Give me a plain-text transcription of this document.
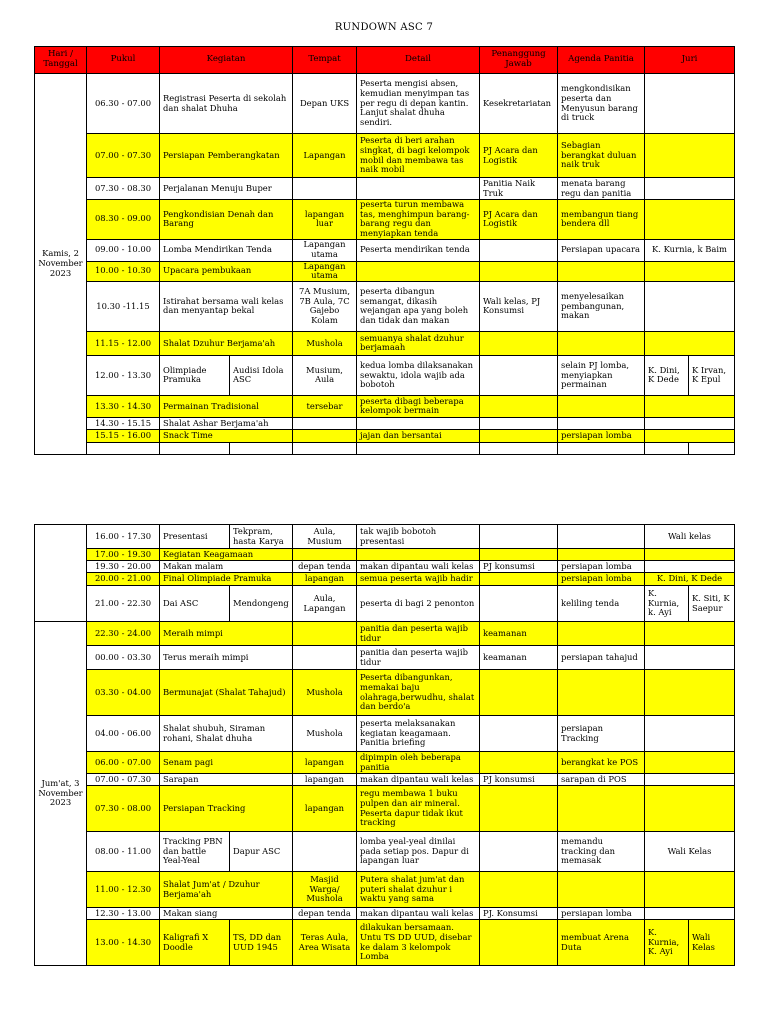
RUNDOWN ASC 7
Hari / Tanggal	Pukul	Kegiatan		Tempat	Detail	Penanggung Jawab	Agenda Panitia	Juri	
Kamis, 2 November 2023	06.30 - 07.00	Registrasi Peserta di sekolah dan shalat Dhuha		Depan UKS	Peserta mengisi absen, kemudian menyimpan tas per regu di depan kantin. Lanjut shalat dhuha sendiri.	Kesekretariatan	mengkondisikan peserta dan Menyusun barang di truck		
	07.00 - 07.30	Persiapan Pemberangkatan		Lapangan	Peserta di beri arahan singkat, di bagi kelompok mobil dan membawa tas naik mobil	PJ Acara dan Logistik	Sebagian berangkat duluan naik truk		
	07.30 - 08.30	Perjalanan Menuju Buper				Panitia Naik Truk	menata barang regu dan panitia		
	08.30 - 09.00	Pengkondisian Denah dan Barang		lapangan luar	peserta turun membawa tas, menghimpun barang-barang regu dan menyiapkan tenda	PJ Acara dan Logistik	membangun tiang bendera dll		
	09.00 - 10.00	Lomba Mendirikan Tenda		Lapangan utama	Peserta mendirikan tenda		Persiapan upacara	K. Kurnia, k Baim	
	10.00 - 10.30	Upacara pembukaan		Lapangan utama					
	10.30 -11.15	Istirahat bersama wali kelas dan menyantap bekal		7A Musium, 7B Aula, 7C Gajebo Kolam	peserta dibangun semangat, dikasih wejangan apa yang boleh dan tidak dan makan	Wali kelas, PJ Konsumsi	menyelesaikan pembangunan, makan		
	11.15 - 12.00	Shalat Dzuhur Berjama'ah		Mushola	semuanya shalat dzuhur berjamaah				
	12.00 - 13.30	Olimpiade Pramuka	Audisi Idola ASC	Musium, Aula	kedua lomba dilaksanakan sewaktu, idola wajib ada bobotoh		selain PJ lomba, menyiapkan permainan	K. Dini, K Dede	K Irvan, K Epul
	13.30 - 14.30	Permainan Tradisional		tersebar	peserta dibagi beberapa kelompok bermain				
	14.30 - 15.15	Shalat Ashar Berjama'ah							
	15.15 - 16.00	Snack Time			jajan dan bersantai		persiapan lomba		

	16.00 - 17.30	Presentasi	Tekpram, hasta Karya	Aula, Musium	tak wajib bobotoh presentasi			Wali kelas	
	17.00 - 19.30	Kegiatan Keagamaan							
	19.30 - 20.00	Makan malam		depan tenda	makan dipantau wali kelas	PJ konsumsi	persiapan lomba		
	20.00 - 21.00	Final Olimpiade Pramuka		lapangan	semua peserta wajib hadir		persiapan lomba	K. Dini, K Dede	
	21.00 - 22.30	Dai ASC	Mendongeng	Aula, Lapangan	peserta di bagi 2 penonton		keliling tenda	K. Kurnia, k. Ayi	K. Siti, K Saepur
Jum'at, 3 November 2023	22.30 - 24.00	Meraih mimpi			panitia dan peserta wajib tidur	keamanan			
	00.00 - 03.30	Terus meraih mimpi			panitia dan peserta wajib tidur	keamanan	persiapan tahajud		
	03.30 - 04.00	Bermunajat (Shalat Tahajud)		Mushola	Peserta dibangunkan, memakai baju olahraga,berwudhu, shalat dan berdo'a				
	04.00 - 06.00	Shalat shubuh, Siraman rohani, Shalat dhuha		Mushola	peserta melaksanakan kegiatan keagamaan. Panitia briefing		persiapan Tracking		
	06.00 - 07.00	Senam pagi		lapangan	dipimpin oleh beberapa panitia		berangkat ke POS		
	07.00 - 07.30	Sarapan		lapangan	makan dipantau wali kelas	PJ konsumsi	sarapan di POS		
	07.30 - 08.00	Persiapan Tracking		lapangan	regu membawa 1 buku pulpen dan air mineral. Peserta dapur tidak ikut tracking				
	08.00 - 11.00	Tracking PBN dan battle Yeal-Yeal	Dapur ASC		lomba yeal-yeal dinilai pada setiap pos. Dapur di lapangan luar		memandu tracking dan memasak	Wali Kelas	
	11.00 - 12.30	Shalat Jum'at / Dzuhur Berjama'ah		Masjid Warga/ Mushola	Putera shalat jum'at dan puteri shalat dzuhur i waktu yang sama				
	12.30 - 13.00	Makan siang		depan tenda	makan dipantau wali kelas	PJ. Konsumsi	persiapan lomba		
	13.00 - 14.30	Kaligrafi X Doodle	TS, DD dan UUD 1945	Teras Aula, Area Wisata	dilakukan bersamaan. Untu TS DD UUD, disebar ke dalam 3 kelompok Lomba		membuat Arena Duta	K. Kurnia, K. Ayi	Wali Kelas
